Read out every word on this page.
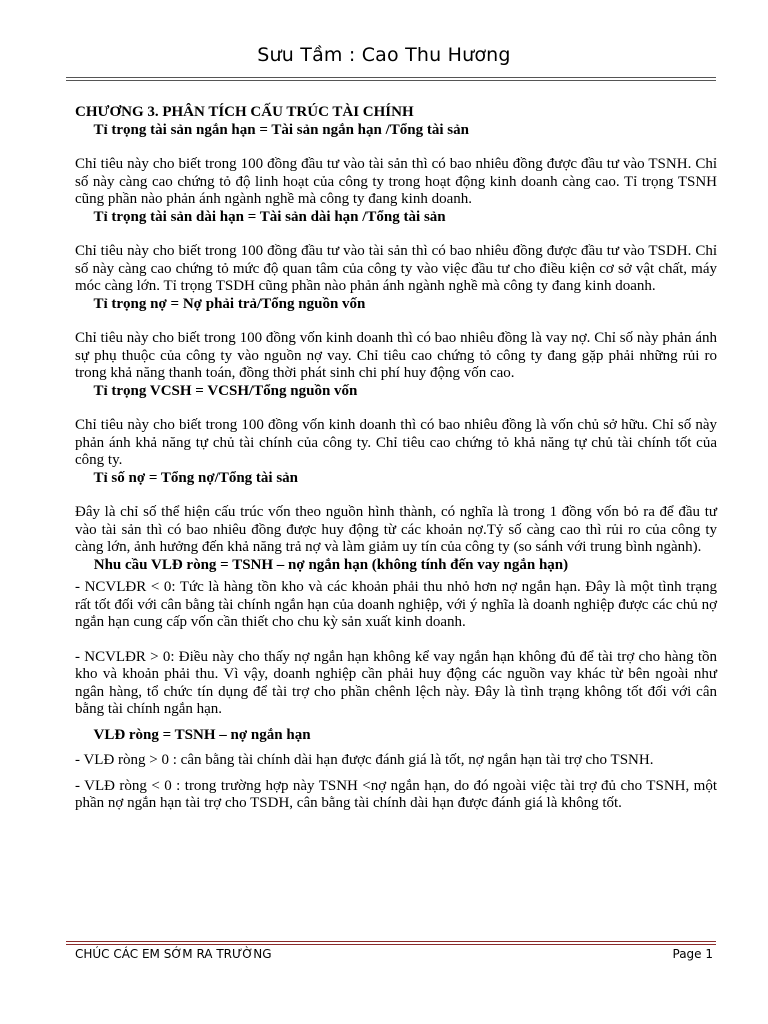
Sưu Tầm : Cao Thu Hương

CHƯƠNG 3. PHÂN TÍCH CẤU TRÚC TÀI CHÍNH

Tỉ trọng tài sản ngắn hạn = Tài sản ngắn hạn /Tổng tài sản

Chỉ tiêu này cho biết trong 100 đồng đầu tư vào tài sản thì có bao nhiêu đồng được đầu tư vào TSNH. Chỉ số này càng cao chứng tỏ độ linh hoạt của công ty trong hoạt động kinh doanh càng cao. Tỉ trọng TSNH cũng phần nào phản ánh ngành nghề mà công ty đang kinh doanh.

Tỉ trọng tài sản dài hạn = Tài sản dài hạn /Tổng tài sản

Chỉ tiêu này cho biết trong 100 đồng đầu tư vào tài sản thì có bao nhiêu đồng được đầu tư vào TSDH. Chỉ số này càng cao chứng tỏ mức độ quan tâm của công ty vào việc đầu tư cho điều kiện cơ sở vật chất, máy móc càng lớn. Tỉ trọng TSDH cũng phần nào phản ánh ngành nghề mà công ty đang kinh doanh.

Tỉ trọng nợ = Nợ phải trả/Tổng nguồn vốn

Chỉ tiêu này cho biết trong 100 đồng vốn kinh doanh thì có bao nhiêu đồng là vay nợ. Chỉ số này phản ánh sự phụ thuộc của công ty vào nguồn nợ vay. Chỉ tiêu cao chứng tỏ công ty đang gặp phải những rủi ro trong khả năng thanh toán, đồng thời phát sinh chi phí huy động vốn cao.

Tỉ trọng VCSH = VCSH/Tổng nguồn vốn

Chỉ tiêu này cho biết trong 100 đồng vốn kinh doanh thì có bao nhiêu đồng là vốn chủ sở hữu. Chỉ số này phản ánh khả năng tự chủ tài chính của công ty. Chỉ tiêu cao chứng tỏ khả năng tự chủ tài chính tốt của công ty.

Tỉ số nợ = Tổng nợ/Tổng tài sản

Đây là chỉ số thể hiện cấu trúc vốn theo nguồn hình thành, có nghĩa là trong 1 đồng vốn bỏ ra để đầu tư vào tài sản thì có bao nhiêu đồng được huy động từ các khoản nợ.Tỷ số càng cao thì rủi ro của công ty càng lớn, ảnh hưởng đến khả năng trả nợ và làm giảm uy tín của công ty (so sánh với trung bình ngành).

Nhu cầu VLĐ ròng = TSNH – nợ ngắn hạn (không tính đến vay ngắn hạn)

- NCVLĐR < 0: Tức là hàng tồn kho và các khoản phải thu nhỏ hơn nợ ngắn hạn. Đây là một tình trạng rất tốt đối với cân bằng tài chính ngắn hạn của doanh nghiệp, với ý nghĩa là doanh nghiệp được các chủ nợ ngắn hạn cung cấp vốn cần thiết cho chu kỳ sản xuất kinh doanh.

- NCVLĐR > 0: Điều này cho thấy nợ ngắn hạn không kể vay ngắn hạn không đủ để tài trợ cho hàng tồn kho và khoản phải thu. Vì vậy, doanh nghiệp cần phải huy động các nguồn vay khác từ bên ngoài như ngân hàng, tổ chức tín dụng để tài trợ cho phần chênh lệch này. Đây là tình trạng không tốt đối với cân bằng tài chính ngắn hạn.

VLĐ ròng = TSNH – nợ ngắn hạn

- VLĐ ròng > 0 : cân bằng tài chính dài hạn được đánh giá là tốt, nợ ngắn hạn tài trợ cho TSNH.

- VLĐ ròng < 0 : trong trường hợp này TSNH <nợ ngắn hạn, do đó ngoài việc tài trợ đủ cho TSNH, một phần nợ ngắn hạn tài trợ cho TSDH, cân bằng tài chính dài hạn được đánh giá là không tốt.

CHÚC CÁC EM SỚM RA TRƯỜNG	Page 1
